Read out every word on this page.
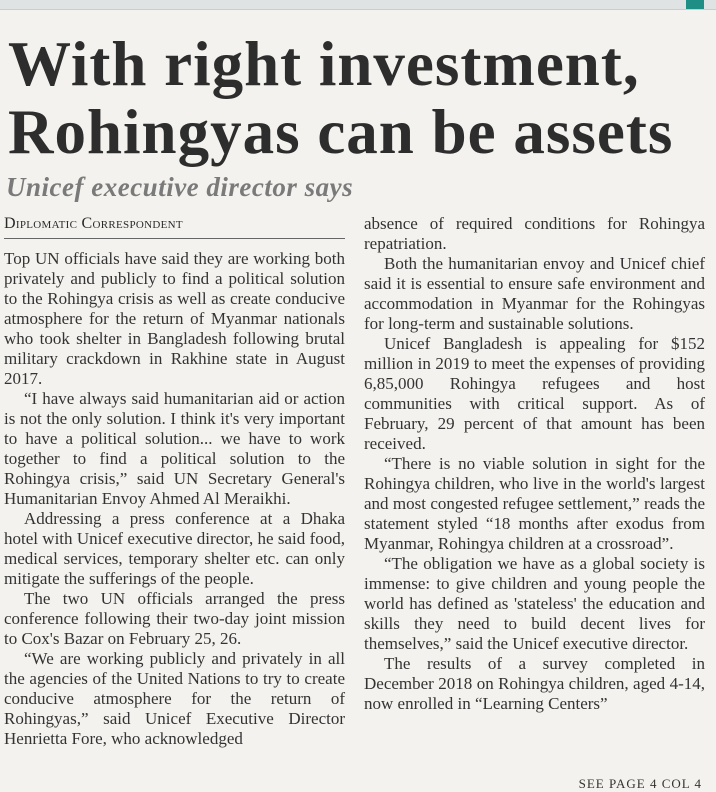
With right investment,
Rohingyas can be assets
Unicef executive director says
Diplomatic Correspondent

Top UN officials have said they are working both privately and publicly to find a political solution to the Rohingya crisis as well as create conducive atmosphere for the return of Myanmar nationals who took shelter in Bangladesh following brutal military crackdown in Rakhine state in August 2017.

“I have always said humanitarian aid or action is not the only solution. I think it's very important to have a political solution... we have to work together to find a political solution to the Rohingya crisis,” said UN Secretary General's Humanitarian Envoy Ahmed Al Meraikhi.

Addressing a press conference at a Dhaka hotel with Unicef executive director, he said food, medical services, temporary shelter etc. can only mitigate the sufferings of the people.

The two UN officials arranged the press conference following their two-day joint mission to Cox's Bazar on February 25, 26.

“We are working publicly and privately in all the agencies of the United Nations to try to create conducive atmosphere for the return of Rohingyas,” said Unicef Executive Director Henrietta Fore, who acknowledged

absence of required conditions for Rohingya repatriation.

Both the humanitarian envoy and Unicef chief said it is essential to ensure safe environment and accommodation in Myanmar for the Rohingyas for long-term and sustainable solutions.

Unicef Bangladesh is appealing for $152 million in 2019 to meet the expenses of providing 6,85,000 Rohingya refugees and host communities with critical support. As of February, 29 percent of that amount has been received.

“There is no viable solution in sight for the Rohingya children, who live in the world's largest and most congested refugee settlement,” reads the statement styled “18 months after exodus from Myanmar, Rohingya children at a crossroad”.

“The obligation we have as a global society is immense: to give children and young people the world has defined as 'stateless' the education and skills they need to build decent lives for themselves,” said the Unicef executive director.

The results of a survey completed in December 2018 on Rohingya children, aged 4-14, now enrolled in “Learning Centers”

SEE PAGE 4 COL 4
